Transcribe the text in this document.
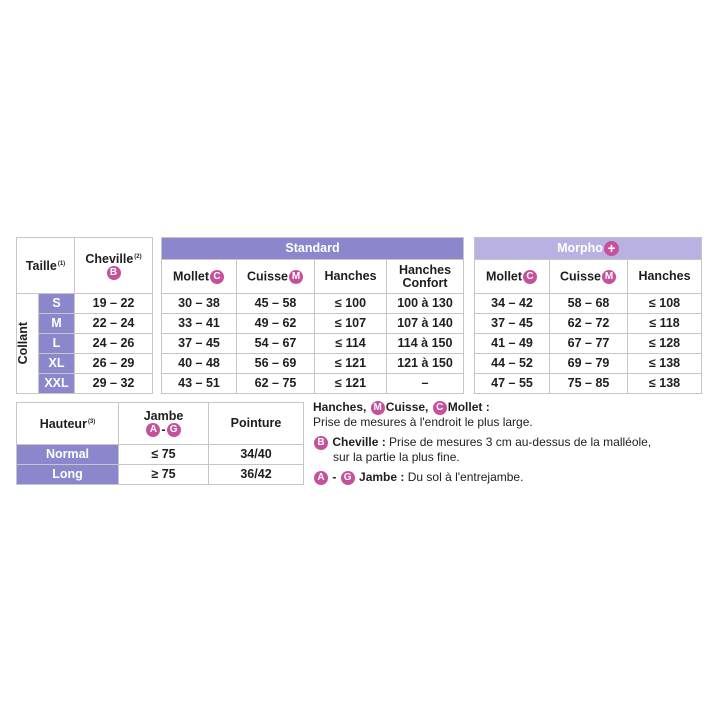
Taille$^{(1)}$		Cheville$^{(2)}$
B

Collant	S	19 – 22
	M	22 – 24
	L	24 – 26
	XL	26 – 29
	XXL	29 – 32
Standard			
Mollet C	Cuisse M	Hanches	Hanches
Confort
30 – 38	45 – 58	≤ 100	100 à 130
33 – 41	49 – 62	≤ 107	107 à 140
37 – 45	54 – 67	≤ 114	114 à 150
40 – 48	56 – 69	≤ 121	121 à 150
43 – 51	62 – 75	≤ 121	–
Morpho +		
Mollet C	Cuisse M	Hanches
34 – 42	58 – 68	≤ 108
37 – 45	62 – 72	≤ 118
41 – 49	67 – 77	≤ 128
44 – 52	69 – 79	≤ 138
47 – 55	75 – 85	≤ 138
Hauteur$^{(3)}$	Jambe
A - G	Pointure
Normal	≤ 75	34/40
Long	≥ 75	36/42
Hanches, M Cuisse, C Mollet :
Prise de mesures à l'endroit le plus large.
B Cheville : Prise de mesures 3 cm au-dessus de la malléole,
sur la partie la plus fine.
A - G Jambe : Du sol à l'entrejambe.
